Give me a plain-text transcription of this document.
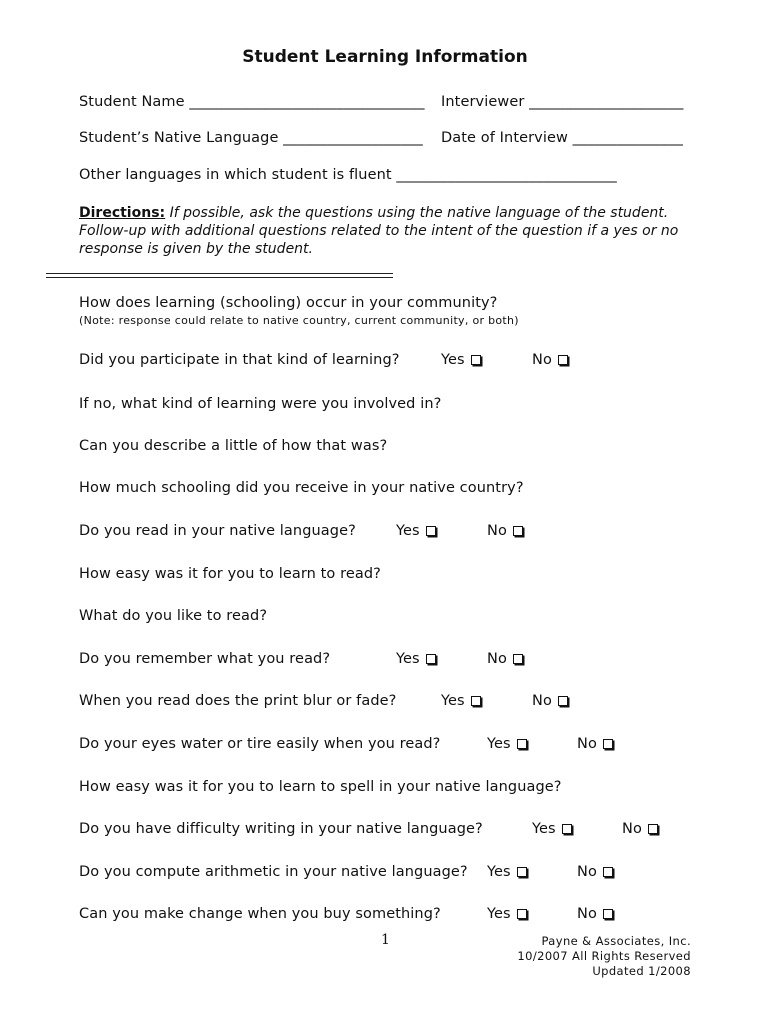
Student Learning Information
Student Name ________________________________ Interviewer _____________________
Student’s Native Language ___________________ Date of Interview _______________
Other languages in which student is fluent ______________________________
Directions: If possible, ask the questions using the native language of the student. Follow-up with additional questions related to the intent of the question if a yes or no response is given by the student.
How does learning (schooling) occur in your community?
(Note: response could relate to native country, current community, or both)
Did you participate in that kind of learning?	Yes	No
If no, what kind of learning were you involved in?
Can you describe a little of how that was?
How much schooling did you receive in your native country?
Do you read in your native language?	Yes	No
How easy was it for you to learn to read?
What do you like to read?
Do you remember what you read?	Yes	No
When you read does the print blur or fade?	Yes	No
Do your eyes water or tire easily when you read?	Yes	No
How easy was it for you to learn to spell in your native language?
Do you have difficulty writing in your native language?	Yes	No
Do you compute arithmetic in your native language? Yes	No
Can you make change when you buy something?	Yes	No
1	Payne & Associates, Inc.
10/2007 All Rights Reserved
Updated 1/2008
